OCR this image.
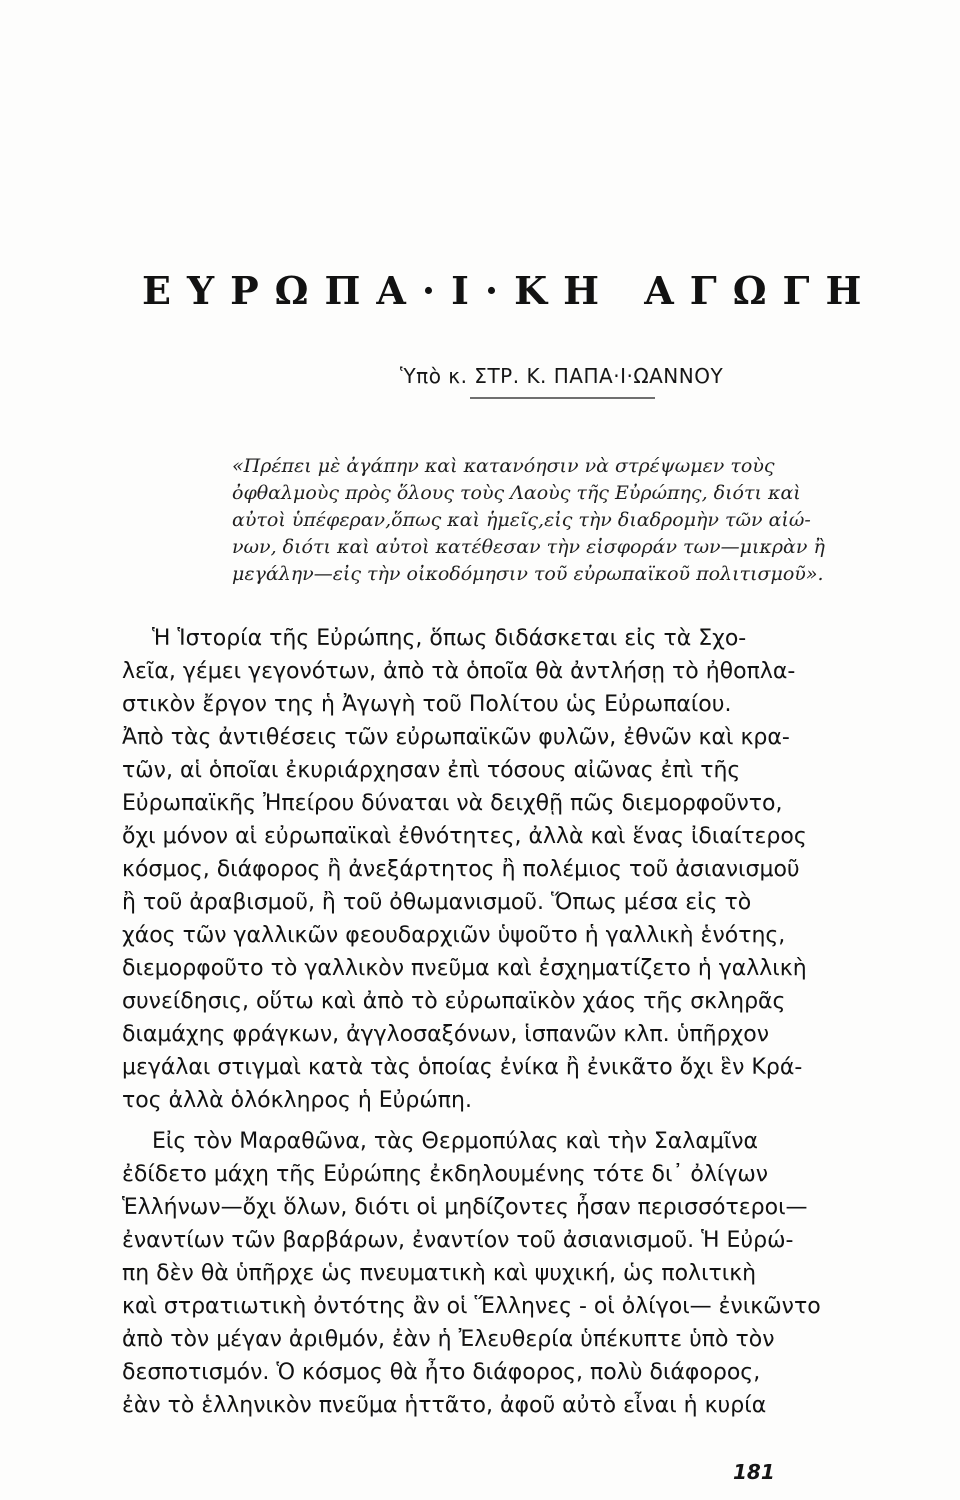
ΕΥΡΩΠΑ·Ι·ΚΗ ΑΓΩΓΗ
Ὑπὸ κ. ΣΤΡ. Κ. ΠΑΠΑ·Ι·ΩΑΝΝΟΥ
«Πρέπει μὲ ἀγάπην καὶ κατανόησιν νὰ στρέψωμεν τοὺς
ὀφθαλμοὺς πρὸς ὅλους τοὺς Λαοὺς τῆς Εὐρώπης, διότι καὶ
αὐτοὶ ὑπέφεραν,ὅπως καὶ ἡμεῖς,εἰς τὴν διαδρομὴν τῶν αἰώ-
νων, διότι καὶ αὐτοὶ κατέθεσαν τὴν εἰσφοράν των—μικρὰν ἢ
μεγάλην—εἰς τὴν οἰκοδόμησιν τοῦ εὐρωπαϊκοῦ πολιτισμοῦ».
Ἡ Ἱστορία τῆς Εὐρώπης, ὅπως διδάσκεται εἰς τὰ Σχο-
λεῖα, γέμει γεγονότων, ἀπὸ τὰ ὁποῖα θὰ ἀντλήσῃ τὸ ἠθοπλα-
στικὸν ἔργον της ἡ Ἀγωγὴ τοῦ Πολίτου ὡς Εὐρωπαίου.
Ἀπὸ τὰς ἀντιθέσεις τῶν εὐρωπαϊκῶν φυλῶν, ἐθνῶν καὶ κρα-
τῶν, αἱ ὁποῖαι ἐκυριάρχησαν ἐπὶ τόσους αἰῶνας ἐπὶ τῆς
Εὐρωπαϊκῆς Ἠπείρου δύναται νὰ δειχθῇ πῶς διεμορφοῦντο,
ὄχι μόνον αἱ εὐρωπαϊκαὶ ἐθνότητες, ἀλλὰ καὶ ἕνας ἰδιαίτερος
κόσμος, διάφορος ἢ ἀνεξάρτητος ἢ πολέμιος τοῦ ἀσιανισμοῦ
ἢ τοῦ ἀραβισμοῦ, ἢ τοῦ ὀθωμανισμοῦ. Ὅπως μέσα εἰς τὸ
χάος τῶν γαλλικῶν φεουδαρχιῶν ὑψοῦτο ἡ γαλλικὴ ἑνότης,
διεμορφοῦτο τὸ γαλλικὸν πνεῦμα καὶ ἐσχηματίζετο ἡ γαλλικὴ
συνείδησις, οὕτω καὶ ἀπὸ τὸ εὐρωπαϊκὸν χάος τῆς σκληρᾶς
διαμάχης φράγκων, ἀγγλοσαξόνων, ἱσπανῶν κλπ. ὑπῆρχον
μεγάλαι στιγμαὶ κατὰ τὰς ὁποίας ἐνίκα ἢ ἐνικᾶτο ὄχι ἓν Κρά-
τος ἀλλὰ ὁλόκληρος ἡ Εὐρώπη.
Εἰς τὸν Μαραθῶνα, τὰς Θερμοπύλας καὶ τὴν Σαλαμῖνα
ἐδίδετο μάχη τῆς Εὐρώπης ἐκδηλουμένης τότε δι᾽ ὀλίγων
Ἑλλήνων—ὄχι ὅλων, διότι οἱ μηδίζοντες ἦσαν περισσότεροι—
ἐναντίων τῶν βαρβάρων, ἐναντίον τοῦ ἀσιανισμοῦ. Ἡ Εὐρώ-
πη δὲν θὰ ὑπῆρχε ὡς πνευματικὴ καὶ ψυχική, ὡς πολιτικὴ
καὶ στρατιωτικὴ ὀντότης ἂν οἱ Ἕλληνες - οἱ ὀλίγοι— ἐνικῶντο
ἀπὸ τὸν μέγαν ἀριθμόν, ἐὰν ἡ Ἐλευθερία ὑπέκυπτε ὑπὸ τὸν
δεσποτισμόν. Ὁ κόσμος θὰ ἦτο διάφορος, πολὺ διάφορος,
ἐὰν τὸ ἑλληνικὸν πνεῦμα ἡττᾶτο, ἀφοῦ αὐτὸ εἶναι ἡ κυρία
181
